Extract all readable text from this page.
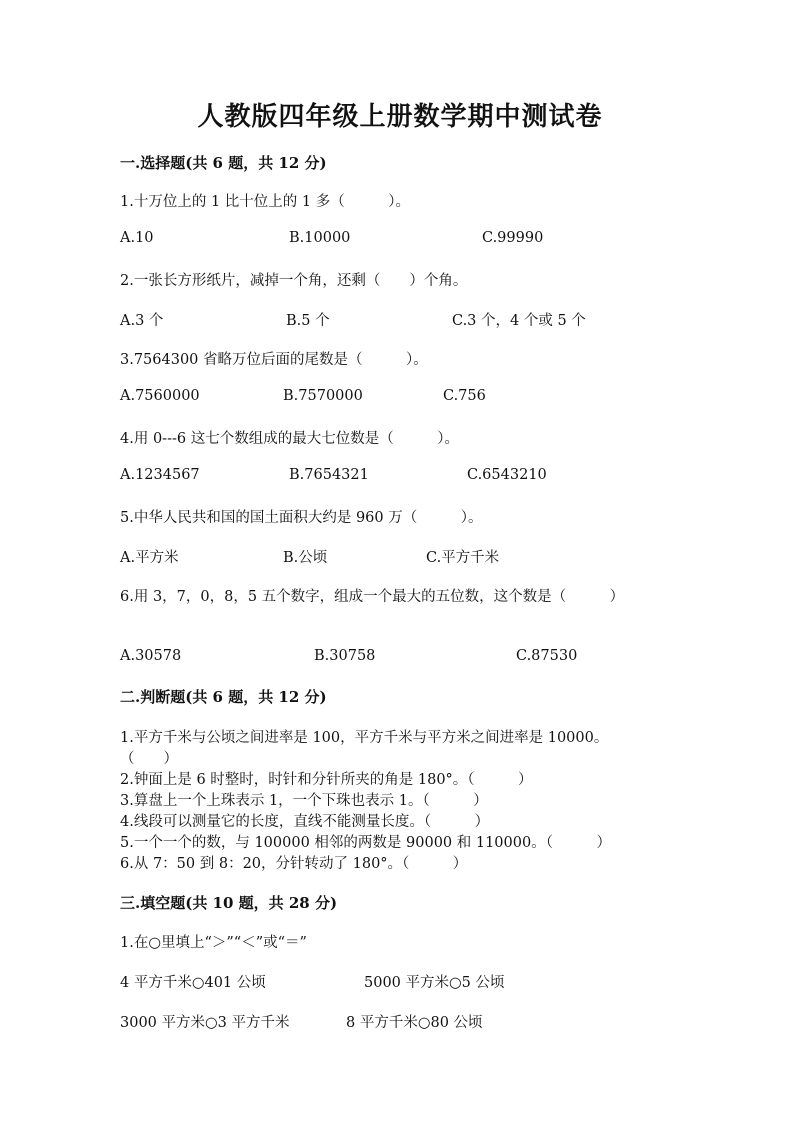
人教版四年级上册数学期中测试卷
一.选择题(共 6 题，共 12 分)
1.十万位上的 1 比十位上的 1 多（　　　）。
A.10	B.10000	C.99990
2.一张长方形纸片，减掉一个角，还剩（　　）个角。
A.3 个	B.5 个	C.3 个，4 个或 5 个
3.7564300 省略万位后面的尾数是（　　　）。
A.7560000	B.7570000	C.756
4.用 0---6 这七个数组成的最大七位数是（　　　）。
A.1234567	B.7654321	C.6543210
5.中华人民共和国的国土面积大约是 960 万（　　　）。
A.平方米	B.公顷	C.平方千米
6.用 3，7，0，8，5 五个数字，组成一个最大的五位数，这个数是（　　　）
A.30578	B.30758	C.87530
二.判断题(共 6 题，共 12 分)
1.平方千米与公顷之间进率是 100，平方千米与平方米之间进率是 10000。
（　　）
2.钟面上是 6 时整时，时针和分针所夹的角是 180°。（　　　）
3.算盘上一个上珠表示 1，一个下珠也表示 1。（　　　）
4.线段可以测量它的长度，直线不能测量长度。（　　　）
5.一个一个的数，与 100000 相邻的两数是 90000 和 110000。（　　　）
6.从 7：50 到 8：20，分针转动了 180°。（　　　）
三.填空题(共 10 题，共 28 分)
1.在○里填上“＞”“＜”或“＝”
4 平方千米○401 公顷	5000 平方米○5 公顷
3000 平方米○3 平方千米	8 平方千米○80 公顷
